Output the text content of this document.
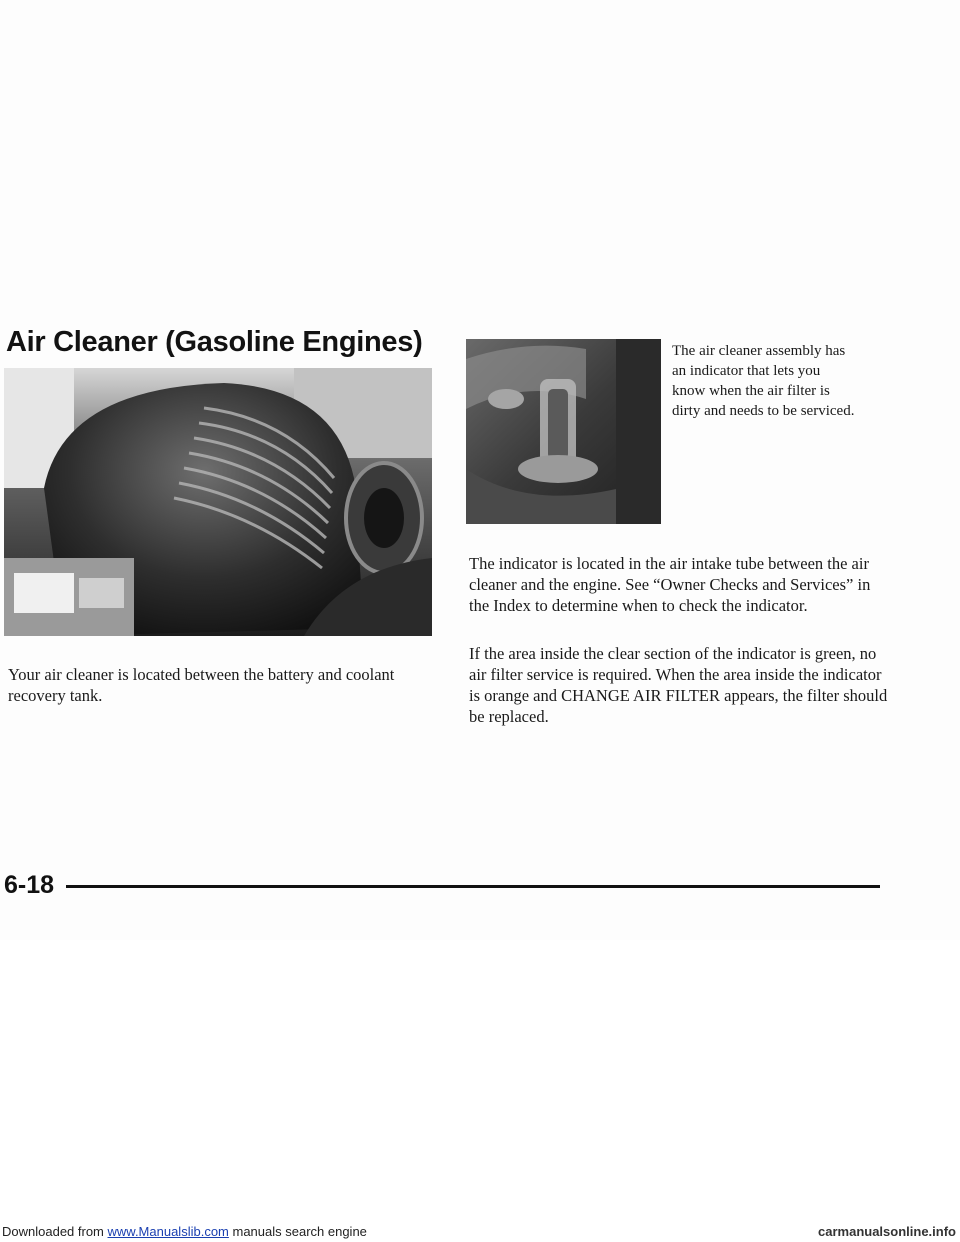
Air Cleaner (Gasoline Engines)	The air cleaner assembly has an indicator that lets you know when the air filter is dirty and needs to be serviced.

Your air cleaner is located between the battery and coolant recovery tank.

The indicator is located in the air intake tube between the air cleaner and the engine. See “Owner Checks and Services” in the Index to determine when to check the indicator.

If the area inside the clear section of the indicator is green, no air filter service is required. When the area inside the indicator is orange and CHANGE AIR FILTER appears, the filter should be replaced.

6-18

Downloaded from www.Manualslib.com manuals search engine	carmanualsonline.info
